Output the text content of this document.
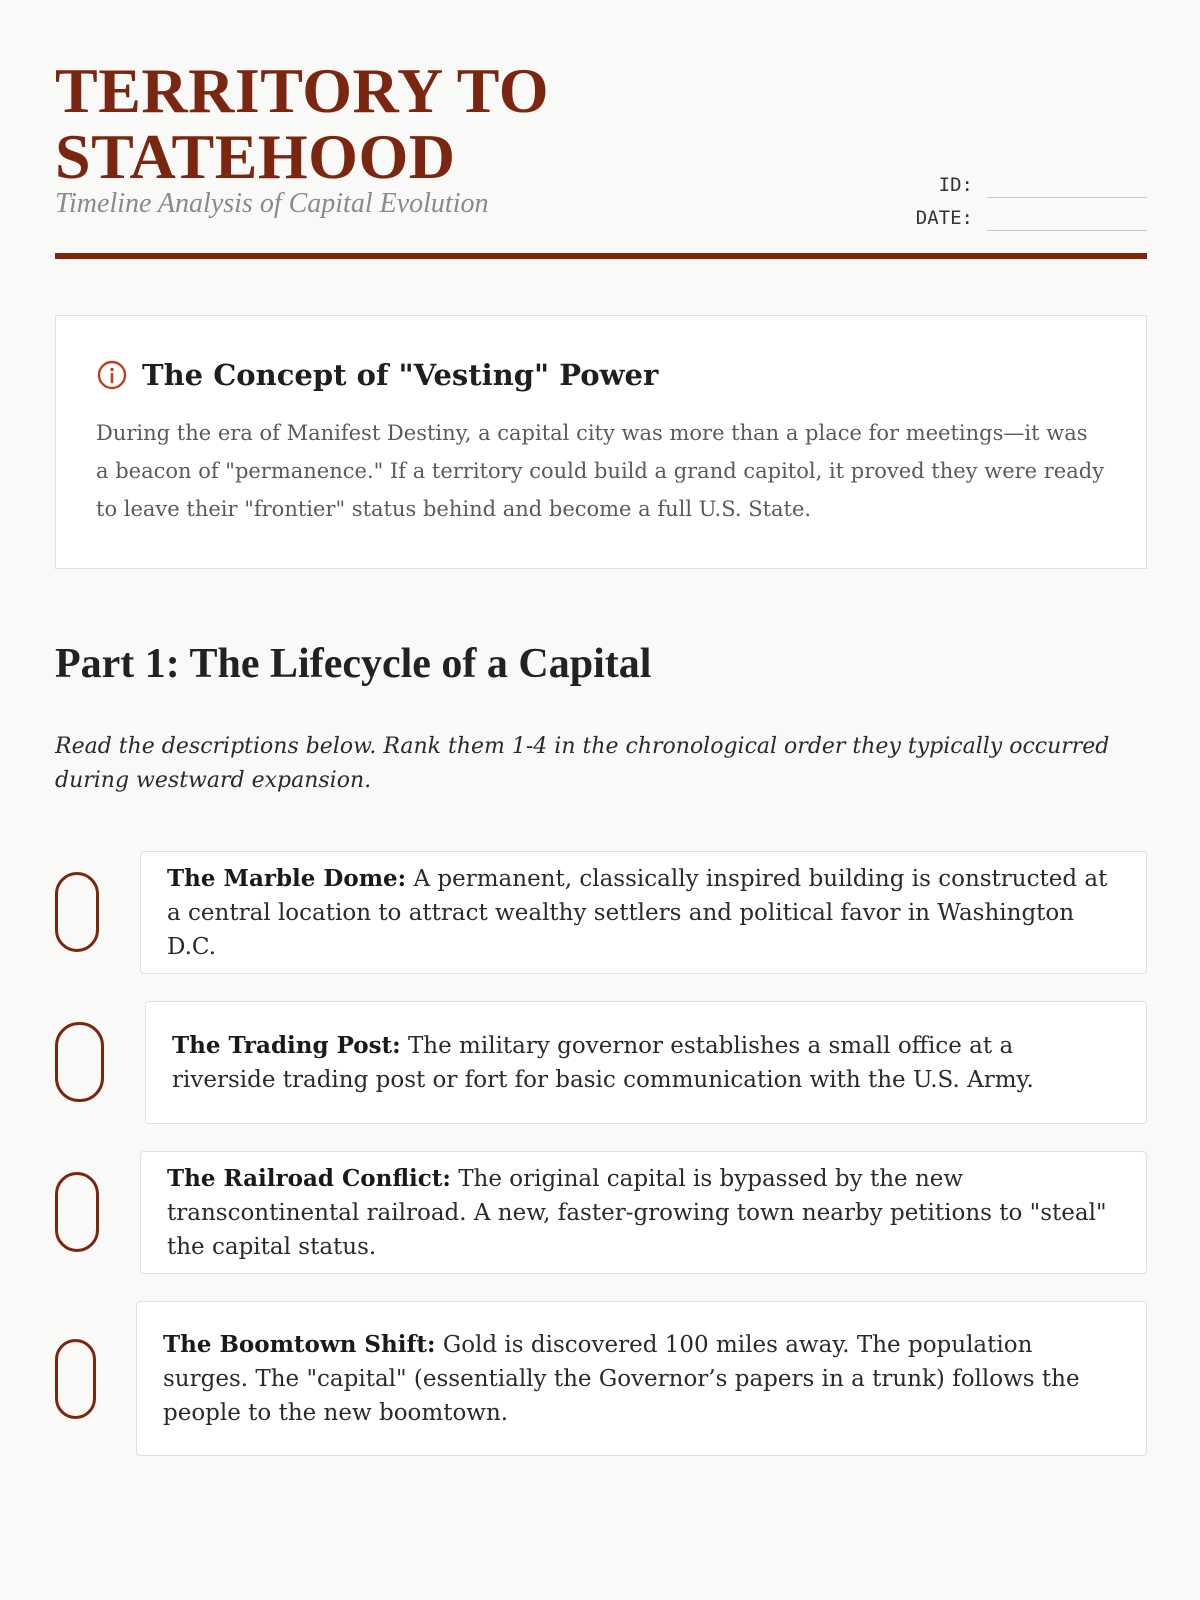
TERRITORY TO STATEHOOD
Timeline Analysis of Capital Evolution
ID:
DATE:
The Concept of "Vesting" Power

During the era of Manifest Destiny, a capital city was more than a place for meetings—it was a beacon of "permanence." If a territory could build a grand capitol, it proved they were ready to leave their "frontier" status behind and become a full U.S. State.

Part 1: The Lifecycle of a Capital

Read the descriptions below. Rank them 1-4 in the chronological order they typically occurred during westward expansion.

The Marble Dome: A permanent, classically inspired building is constructed at a central location to attract wealthy settlers and political favor in Washington D.C.

The Trading Post: The military governor establishes a small office at a riverside trading post or fort for basic communication with the U.S. Army.

The Railroad Conflict: The original capital is bypassed by the new transcontinental railroad. A new, faster-growing town nearby petitions to "steal" the capital status.

The Boomtown Shift: Gold is discovered 100 miles away. The population surges. The "capital" (essentially the Governor’s papers in a trunk) follows the people to the new boomtown.
